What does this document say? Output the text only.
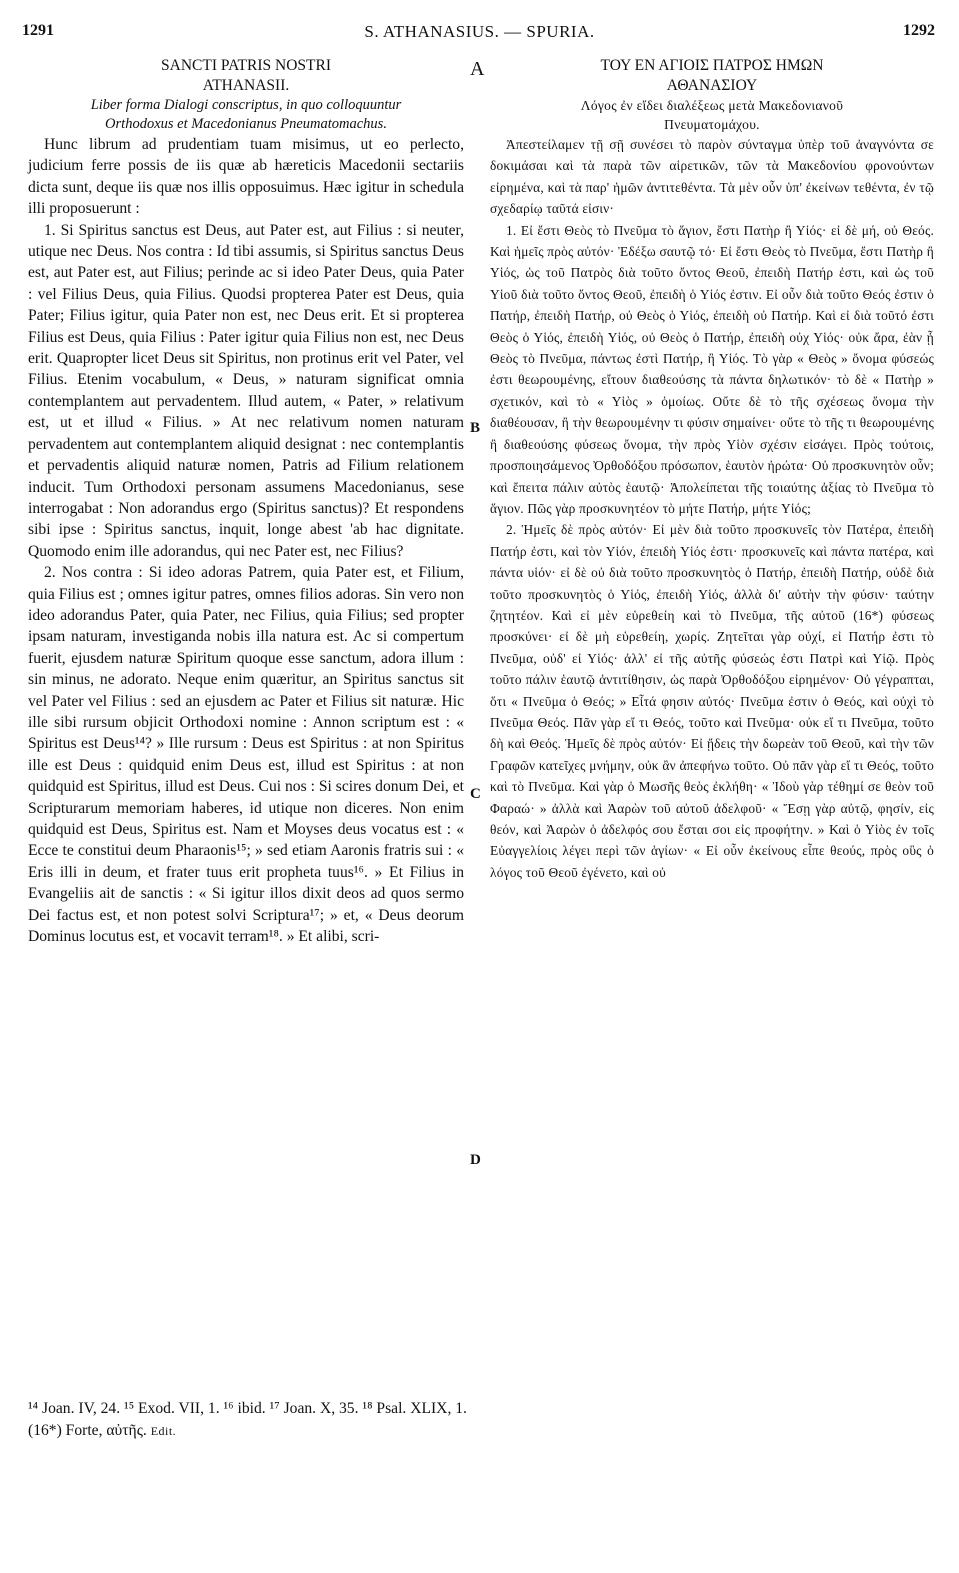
1291	S. ATHANASIUS. — SPURIA.	1292
A
B
C
D
SANCTI PATRIS NOSTRI
ATHANASII.
Liber forma Dialogi conscriptus, in quo colloquuntur
Orthodoxus et Macedonianus Pneumatomachus.

Hunc librum ad prudentiam tuam misimus, ut eo perlecto, judicium ferre possis de iis quæ ab hæreticis Macedonii sectariis dicta sunt, deque iis quæ nos illis opposuimus. Hæc igitur in schedula illi proposuerunt :

1. Si Spiritus sanctus est Deus, aut Pater est, aut Filius : si neuter, utique nec Deus. Nos contra : Id tibi assumis, si Spiritus sanctus Deus est, aut Pater est, aut Filius; perinde ac si ideo Pater Deus, quia Pater : vel Filius Deus, quia Filius. Quodsi propterea Pater est Deus, quia Pater; Filius igitur, quia Pater non est, nec Deus erit. Et si propterea Filius est Deus, quia Filius : Pater igitur quia Filius non est, nec Deus erit. Quapropter licet Deus sit Spiritus, non protinus erit vel Pater, vel Filius. Etenim vocabulum, « Deus, » naturam significat omnia contemplantem aut pervadentem. Illud autem, « Pater, » relativum est, ut et illud « Filius. » At nec relativum nomen naturam pervadentem aut contemplantem aliquid designat : nec contemplantis et pervadentis aliquid naturæ nomen, Patris ad Filium relationem inducit. Tum Orthodoxi personam assumens Macedonianus, sese interrogabat : Non adorandus ergo (Spiritus sanctus)? Et respondens sibi ipse : Spiritus sanctus, inquit, longe abest 'ab hac dignitate. Quomodo enim ille adorandus, qui nec Pater est, nec Filius?

2. Nos contra : Si ideo adoras Patrem, quia Pater est, et Filium, quia Filius est ; omnes igitur patres, omnes filios adoras. Sin vero non ideo adorandus Pater, quia Pater, nec Filius, quia Filius; sed propter ipsam naturam, investiganda nobis illa natura est. Ac si compertum fuerit, ejusdem naturæ Spiritum quoque esse sanctum, adora illum : sin minus, ne adorato. Neque enim quæritur, an Spiritus sanctus sit vel Pater vel Filius : sed an ejusdem ac Pater et Filius sit naturæ. Hic ille sibi rursum objicit Orthodoxi nomine : Annon scriptum est : « Spiritus est Deus¹⁴? » Ille rursum : Deus est Spiritus : at non Spiritus ille est Deus : quidquid enim Deus est, illud est Spiritus : at non quidquid est Spiritus, illud est Deus. Cui nos : Si scires donum Dei, et Scripturarum memoriam haberes, id utique non diceres. Non enim quidquid est Deus, Spiritus est. Nam et Moyses deus vocatus est : « Ecce te constitui deum Pharaonis¹⁵; » sed etiam Aaronis fratris sui : « Eris illi in deum, et frater tuus erit propheta tuus¹⁶. » Et Filius in Evangeliis ait de sanctis : « Si igitur illos dixit deos ad quos sermo Dei factus est, et non potest solvi Scriptura¹⁷; » et, « Deus deorum Dominus locutus est, et vocavit terram¹⁸. » Et alibi, scri-

ΤΟΥ ΕΝ ΑΓΙΟΙΣ ΠΑΤΡΟΣ ΗΜΩΝ
ΑΘΑΝΑΣΙΟΥ
Λόγος ἐν εἴδει διαλέξεως μετὰ Μακεδονιανοῦ
Πνευματομάχου.

Ἀπεστείλαμεν τῇ σῇ συνέσει τὸ παρὸν σύνταγμα ὑπὲρ τοῦ ἀναγνόντα σε δοκιμάσαι καὶ τὰ παρὰ τῶν αἱρετικῶν, τῶν τὰ Μακεδονίου φρονούντων εἰρημένα, καὶ τὰ παρ' ἡμῶν ἀντιτεθέντα. Τὰ μὲν οὖν ὑπ' ἐκείνων τεθέντα, ἐν τῷ σχεδαρίῳ ταῦτά εἰσιν·

1. Εἰ ἔστι Θεὸς τὸ Πνεῦμα τὸ ἅγιον, ἔστι Πατὴρ ἢ Υἱός· εἰ δὲ μή, οὐ Θεός. Καὶ ἡμεῖς πρὸς αὐτόν· Ἐδέξω σαυτῷ τό· Εἰ ἔστι Θεὸς τὸ Πνεῦμα, ἔστι Πατὴρ ἢ Υἱός, ὡς τοῦ Πατρὸς διὰ τοῦτο ὄντος Θεοῦ, ἐπειδὴ Πατήρ ἐστι, καὶ ὡς τοῦ Υἱοῦ διὰ τοῦτο ὄντος Θεοῦ, ἐπειδὴ ὁ Υἱός ἐστιν. Εἰ οὖν διὰ τοῦτο Θεός ἐστιν ὁ Πατήρ, ἐπειδὴ Πατήρ, οὐ Θεὸς ὁ Υἱός, ἐπειδὴ οὐ Πατήρ. Καὶ εἰ διὰ τοῦτό ἐστι Θεὸς ὁ Υἱός, ἐπειδὴ Υἱός, οὐ Θεὸς ὁ Πατήρ, ἐπειδὴ οὐχ Υἱός· οὐκ ἄρα, ἐὰν ᾖ Θεὸς τὸ Πνεῦμα, πάντως ἐστὶ Πατήρ, ἢ Υἱός. Τὸ γὰρ « Θεὸς » ὄνομα φύσεώς ἐστι θεωρουμένης, εἴτουν διαθεούσης τὰ πάντα δηλωτικόν· τὸ δὲ « Πατὴρ » σχετικόν, καὶ τὸ « Υἱὸς » ὁμοίως. Οὔτε δὲ τὸ τῆς σχέσεως ὄνομα τὴν διαθέουσαν, ἢ τὴν θεωρουμένην τι φύσιν σημαίνει· οὔτε τὸ τῆς τι θεωρουμένης ἢ διαθεούσης φύσεως ὄνομα, τὴν πρὸς Υἱὸν σχέσιν εἰσάγει. Πρὸς τούτοις, προσποιησάμενος Ὀρθοδόξου πρόσωπον, ἑαυτὸν ἠρώτα· Οὐ προσκυνητὸν οὖν; καὶ ἔπειτα πάλιν αὐτὸς ἑαυτῷ· Ἀπολείπεται τῆς τοιαύτης ἀξίας τὸ Πνεῦμα τὸ ἅγιον. Πῶς γὰρ προσκυνητέον τὸ μήτε Πατήρ, μήτε Υἱός;

2. Ἡμεῖς δὲ πρὸς αὐτόν· Εἰ μὲν διὰ τοῦτο προσκυνεῖς τὸν Πατέρα, ἐπειδὴ Πατήρ ἐστι, καὶ τὸν Υἱόν, ἐπειδὴ Υἱός ἐστι· προσκυνεῖς καὶ πάντα πατέρα, καὶ πάντα υἱόν· εἰ δὲ οὐ διὰ τοῦτο προσκυνητὸς ὁ Πατήρ, ἐπειδὴ Πατήρ, οὐδὲ διὰ τοῦτο προσκυνητὸς ὁ Υἱός, ἐπειδὴ Υἱός, ἀλλὰ δι' αὐτὴν τὴν φύσιν· ταύτην ζητητέον. Καὶ εἰ μὲν εὑρεθείη καὶ τὸ Πνεῦμα, τῆς αὐτοῦ (16*) φύσεως προσκύνει· εἰ δὲ μὴ εὑρεθείη, χωρίς. Ζητεῖται γὰρ οὐχί, εἰ Πατήρ ἐστι τὸ Πνεῦμα, οὐδ' εἰ Υἱός· ἀλλ' εἰ τῆς αὐτῆς φύσεώς ἐστι Πατρὶ καὶ Υἱῷ. Πρὸς τοῦτο πάλιν ἑαυτῷ ἀντιτίθησιν, ὡς παρὰ Ὀρθοδόξου εἰρημένον· Οὐ γέγραπται, ὅτι « Πνεῦμα ὁ Θεός; » Εἶτά φησιν αὐτός· Πνεῦμα ἐστιν ὁ Θεός, καὶ οὐχὶ τὸ Πνεῦμα Θεός. Πᾶν γὰρ εἴ τι Θεός, τοῦτο καὶ Πνεῦμα· οὐκ εἴ τι Πνεῦμα, τοῦτο δὴ καὶ Θεός. Ἡμεῖς δὲ πρὸς αὐτόν· Εἰ ᾔδεις τὴν δωρεὰν τοῦ Θεοῦ, καὶ τὴν τῶν Γραφῶν κατεῖχες μνήμην, οὐκ ἂν ἀπεφήνω τοῦτο. Οὐ πᾶν γὰρ εἴ τι Θεός, τοῦτο καὶ τὸ Πνεῦμα. Καὶ γὰρ ὁ Μωσῆς θεὸς ἐκλήθη· « Ἰδοὺ γὰρ τέθημί σε θεὸν τοῦ Φαραώ· » ἀλλὰ καὶ Ἀαρὼν τοῦ αὐτοῦ ἀδελφοῦ· « Ἔσῃ γὰρ αὐτῷ, φησίν, εἰς θεόν, καὶ Ἀαρὼν ὁ ἀδελφός σου ἔσται σοι εἰς προφήτην. » Καὶ ὁ Υἱὸς ἐν τοῖς Εὐαγγελίοις λέγει περὶ τῶν ἁγίων· « Εἰ οὖν ἐκείνους εἶπε θεούς, πρὸς οὓς ὁ λόγος τοῦ Θεοῦ ἐγένετο, καὶ οὐ

¹⁴ Joan. IV, 24. ¹⁵ Exod. VII, 1. ¹⁶ ibid. ¹⁷ Joan. X, 35. ¹⁸ Psal. XLIX, 1.
(16*) Forte, αὐτῆς. Edit.
